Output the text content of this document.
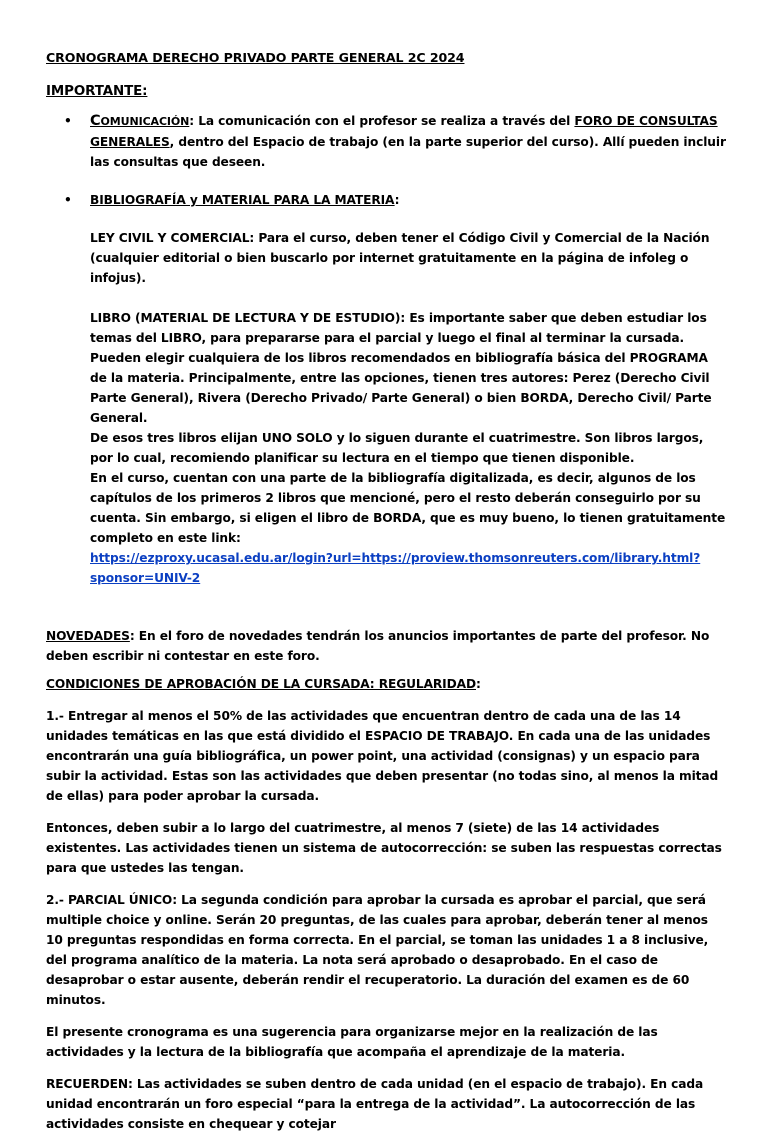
CRONOGRAMA DERECHO PRIVADO PARTE GENERAL 2C 2024

IMPORTANTE:

• COMUNICACIÓN: La comunicación con el profesor se realiza a través del FORO DE CONSULTAS GENERALES, dentro del Espacio de trabajo (en la parte superior del curso). Allí pueden incluir las consultas que deseen.
• BIBLIOGRAFÍA y MATERIAL PARA LA MATERIA:

LEY CIVIL Y COMERCIAL: Para el curso, deben tener el Código Civil y Comercial de la Nación (cualquier editorial o bien buscarlo por internet gratuitamente en la página de infoleg o infojus).

LIBRO (MATERIAL DE LECTURA Y DE ESTUDIO): Es importante saber que deben estudiar los temas del LIBRO, para prepararse para el parcial y luego el final al terminar la cursada. Pueden elegir cualquiera de los libros recomendados en bibliografía básica del PROGRAMA de la materia. Principalmente, entre las opciones, tienen tres autores: Perez (Derecho Civil Parte General), Rivera (Derecho Privado/ Parte General) o bien BORDA, Derecho Civil/ Parte General.

De esos tres libros elijan UNO SOLO y lo siguen durante el cuatrimestre. Son libros largos, por lo cual, recomiendo planificar su lectura en el tiempo que tienen disponible.

En el curso, cuentan con una parte de la bibliografía digitalizada, es decir, algunos de los capítulos de los primeros 2 libros que mencioné, pero el resto deberán conseguirlo por su cuenta. Sin embargo, si eligen el libro de BORDA, que es muy bueno, lo tienen gratuitamente completo en este link:

https://ezproxy.ucasal.edu.ar/login?url=https://proview.thomsonreuters.com/library.html?sponsor=UNIV-2

NOVEDADES: En el foro de novedades tendrán los anuncios importantes de parte del profesor. No deben escribir ni contestar en este foro.

CONDICIONES DE APROBACIÓN DE LA CURSADA: REGULARIDAD:

1.- Entregar al menos el 50% de las actividades que encuentran dentro de cada una de las 14 unidades temáticas en las que está dividido el ESPACIO DE TRABAJO. En cada una de las unidades encontrarán una guía bibliográfica, un power point, una actividad (consignas) y un espacio para subir la actividad. Estas son las actividades que deben presentar (no todas sino, al menos la mitad de ellas) para poder aprobar la cursada.

Entonces, deben subir a lo largo del cuatrimestre, al menos 7 (siete) de las 14 actividades existentes. Las actividades tienen un sistema de autocorrección: se suben las respuestas correctas para que ustedes las tengan.

2.- PARCIAL ÚNICO: La segunda condición para aprobar la cursada es aprobar el parcial, que será multiple choice y online. Serán 20 preguntas, de las cuales para aprobar, deberán tener al menos 10 preguntas respondidas en forma correcta. En el parcial, se toman las unidades 1 a 8 inclusive, del programa analítico de la materia. La nota será aprobado o desaprobado. En el caso de desaprobar o estar ausente, deberán rendir el recuperatorio. La duración del examen es de 60 minutos.

El presente cronograma es una sugerencia para organizarse mejor en la realización de las actividades y la lectura de la bibliografía que acompaña el aprendizaje de la materia.

RECUERDEN: Las actividades se suben dentro de cada unidad (en el espacio de trabajo). En cada unidad encontrarán un foro especial “para la entrega de la actividad”. La autocorrección de las actividades consiste en chequear y cotejar
